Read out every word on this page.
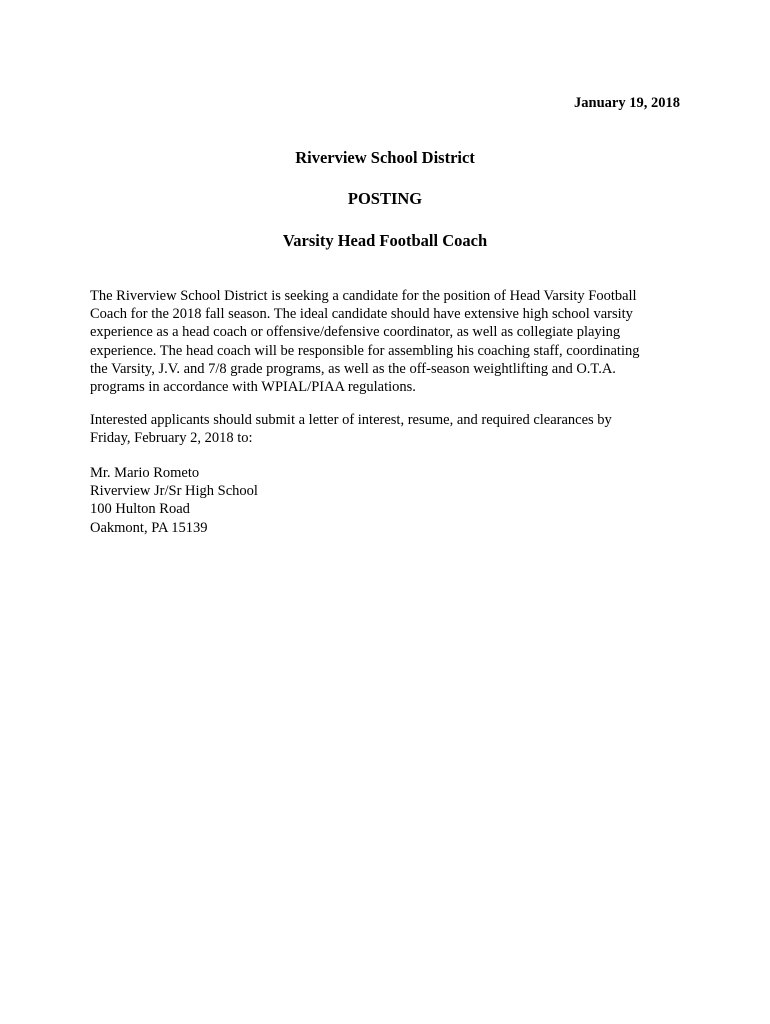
January 19, 2018
Riverview School District
POSTING
Varsity Head Football Coach
The Riverview School District is seeking a candidate for the position of Head Varsity Football
Coach for the 2018 fall season. The ideal candidate should have extensive high school varsity
experience as a head coach or offensive/defensive coordinator, as well as collegiate playing
experience. The head coach will be responsible for assembling his coaching staff, coordinating
the Varsity, J.V. and 7/8 grade programs, as well as the off-season weightlifting and O.T.A.
programs in accordance with WPIAL/PIAA regulations.
Interested applicants should submit a letter of interest, resume, and required clearances by
Friday, February 2, 2018 to:
Mr. Mario Rometo
Riverview Jr/Sr High School
100 Hulton Road
Oakmont, PA 15139
